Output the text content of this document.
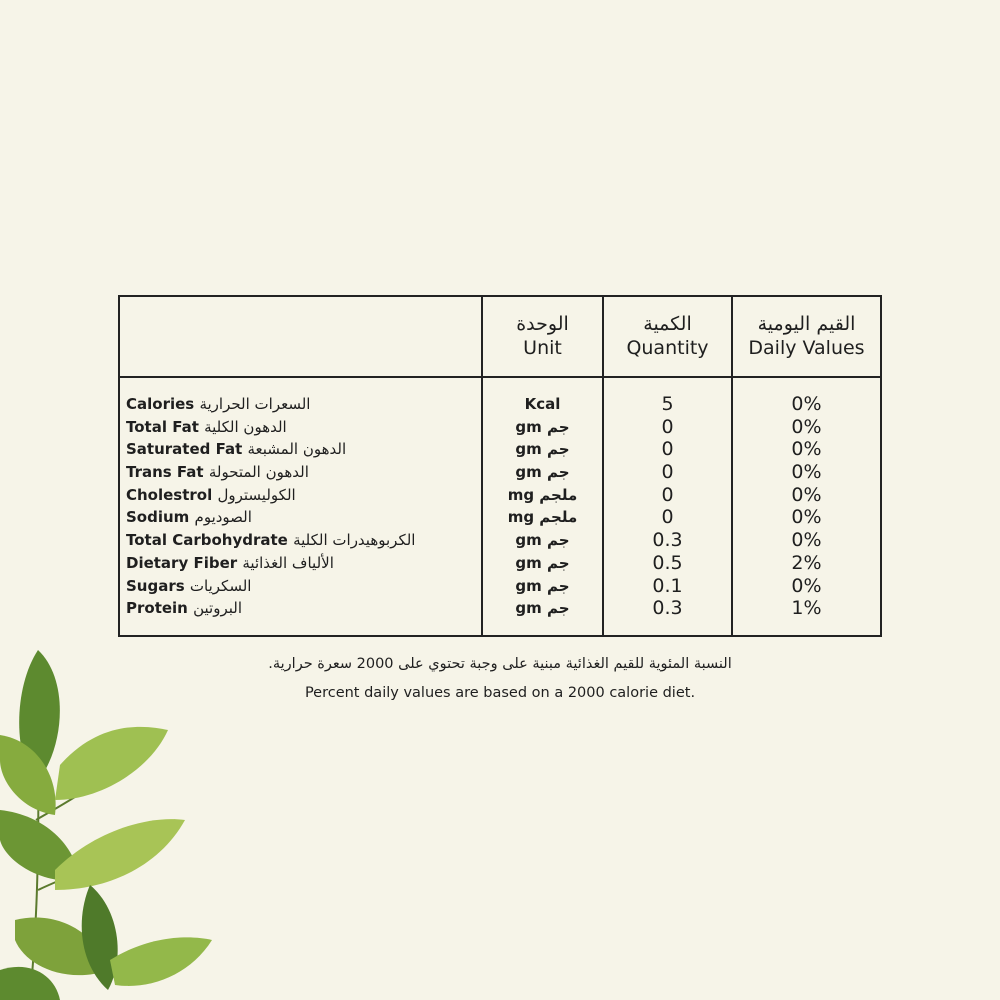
الوحدة
Unit
الكمية
Quantity
القيم اليومية
Daily Values
Calories السعرات الحرارية
Total Fat الدهون الكلية
Saturated Fat الدهون المشبعة
Trans Fat الدهون المتحولة
Cholestrol الكوليسترول
Sodium الصوديوم
Total Carbohydrate الكربوهيدرات الكلية
Dietary Fiber الألياف الغذائية
Sugars السكريات
Protein البروتين
Kcal
gm جم
gm جم
gm جم
mg ملجم
mg ملجم
gm جم
gm جم
gm جم
gm جم
5
0
0
0
0
0
0.3
0.5
0.1
0.3
0%
0%
0%
0%
0%
0%
0%
2%
0%
1%
النسبة المئوية للقيم الغذائية مبنية على وجبة تحتوي على 2000 سعرة حرارية.
Percent daily values are based on a 2000 calorie diet.
